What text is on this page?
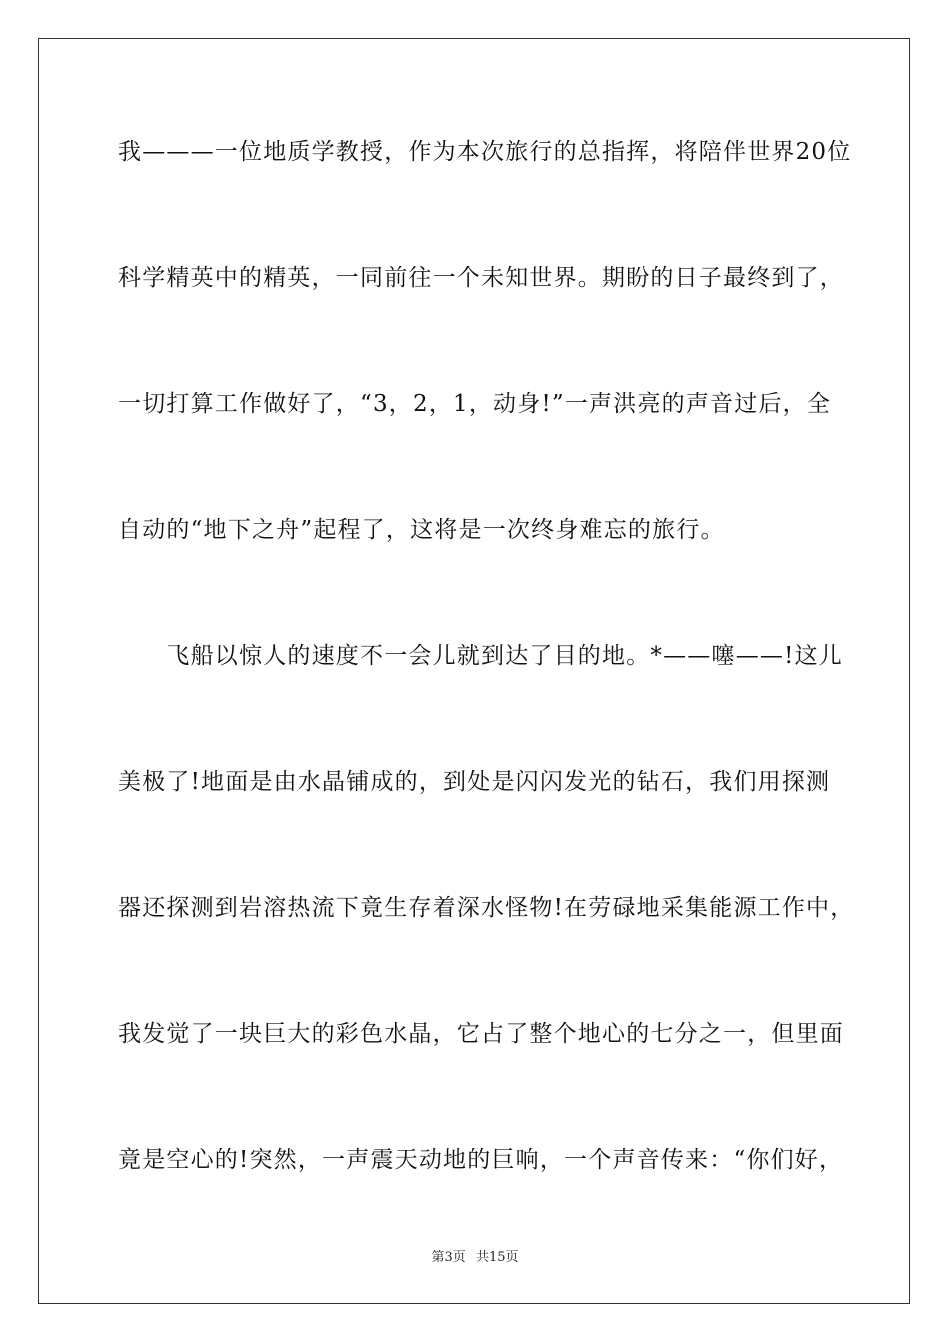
我———一位地质学教授，作为本次旅行的总指挥，将陪伴世界20位
科学精英中的精英，一同前往一个未知世界。期盼的日子最终到了，
一切打算工作做好了，“3，2，1，动身!”一声洪亮的声音过后，全
自动的“地下之舟”起程了，这将是一次终身难忘的旅行。
　　飞船以惊人的速度不一会儿就到达了目的地。*——噻——!这儿
美极了!地面是由水晶铺成的，到处是闪闪发光的钻石，我们用探测
器还探测到岩溶热流下竟生存着深水怪物!在劳碌地采集能源工作中，
我发觉了一块巨大的彩色水晶，它占了整个地心的七分之一，但里面
竟是空心的!突然，一声震天动地的巨响，一个声音传来：“你们好，
第3页 共15页
